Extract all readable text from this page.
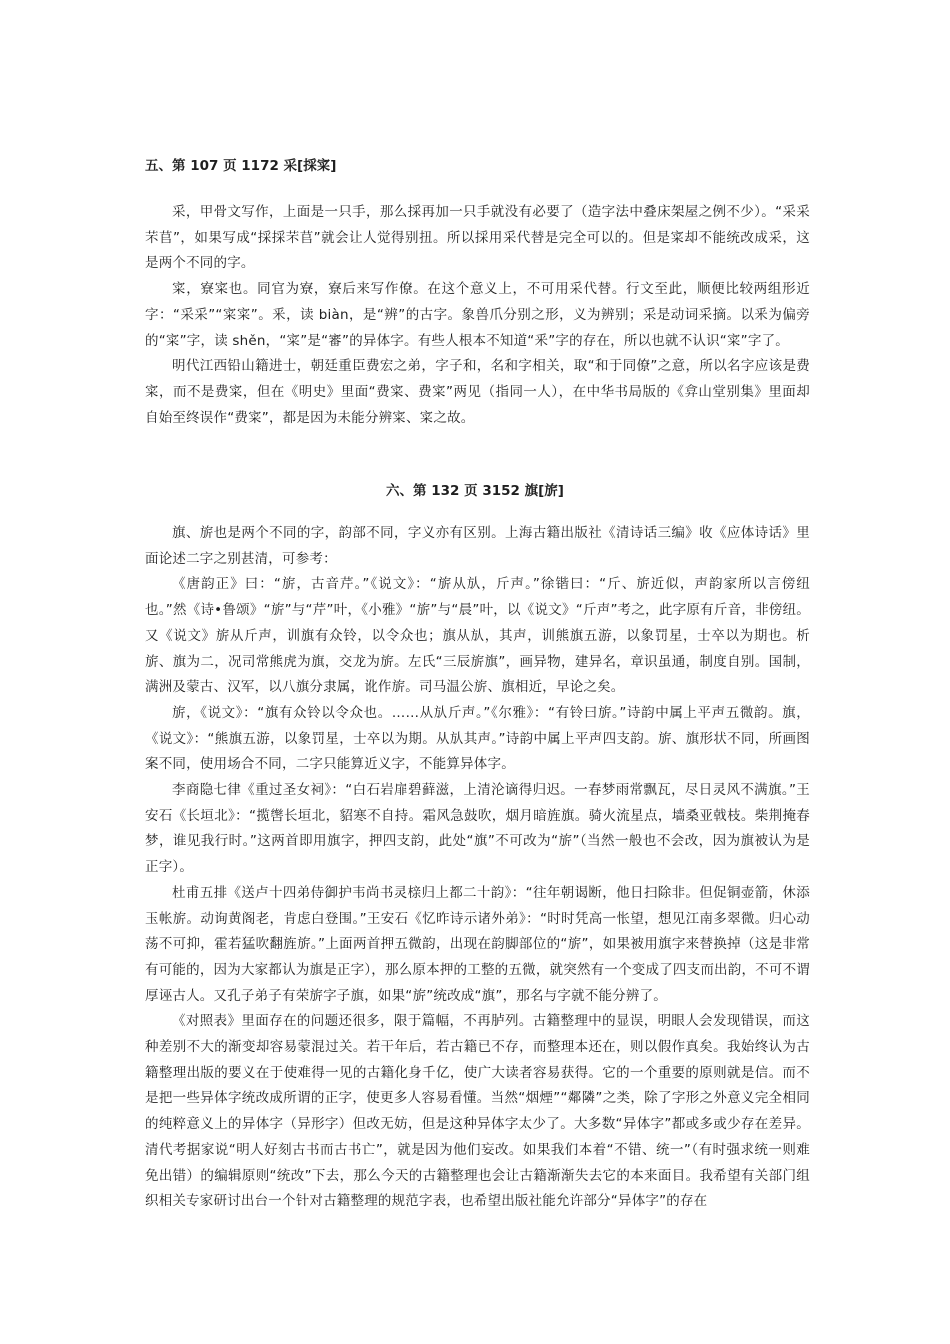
五、第 107 页 1172 采[採寀]

采，甲骨文写作，上面是一只手，那么採再加一只手就没有必要了（造字法中叠床架屋之例不少）。“采采芣苢”，如果写成“採採芣苢”就会让人觉得别扭。所以採用采代替是完全可以的。但是寀却不能统改成采，这是两个不同的字。

寀，寮寀也。同官为寮，寮后来写作僚。在这个意义上，不可用采代替。行文至此，顺便比较两组形近字：“采采”“寀寀”。釆，读 biàn，是“辨”的古字。象兽爪分别之形，义为辨别；采是动词采摘。以釆为偏旁的“寀”字，读 shěn，“寀”是“審”的异体字。有些人根本不知道“釆”字的存在，所以也就不认识“寀”字了。

明代江西铅山籍进士，朝廷重臣费宏之弟，字子和，名和字相关，取“和于同僚”之意，所以名字应该是费寀，而不是费寀，但在《明史》里面“费寀、费寀”两见（指同一人），在中华书局版的《弇山堂别集》里面却自始至终误作“费寀”，都是因为未能分辨寀、寀之故。

六、第 132 页 3152 旗[旂]

旗、旂也是两个不同的字，韵部不同，字义亦有区别。上海古籍出版社《清诗话三编》收《应体诗话》里面论述二字之别甚清，可参考：

《唐韵正》曰：“旂，古音芹。”《说文》：“旂从㫃，斤声。”徐锴曰：“斤、旂近似，声韵家所以言傍纽也。”然《诗•鲁颂》“旂”与“芹”叶，《小雅》“旂”与“晨”叶，以《说文》“斤声”考之，此字原有斤音，非傍纽。又《说文》旂从斤声，训旗有众铃，以令众也；旗从㫃，其声，训熊旗五游，以象罚星，士卒以为期也。析旂、旗为二，况司常熊虎为旗，交龙为旂。左氏“三辰旂旗”，画异物，建异名，章识虽通，制度自别。国制，满洲及蒙古、汉军，以八旗分隶属，讹作旂。司马温公旂、旗相近，早论之矣。

旂，《说文》：“旗有众铃以令众也。……从㫃斤声。”《尔雅》：“有铃曰旂。”诗韵中属上平声五微韵。旗，《说文》：“熊旗五游，以象罚星，士卒以为期。从㫃其声。”诗韵中属上平声四支韵。旂、旗形状不同，所画图案不同，使用场合不同，二字只能算近义字，不能算异体字。

李商隐七律《重过圣女祠》：“白石岩扉碧藓滋，上清沦谪得归迟。一春梦雨常飘瓦，尽日灵风不满旗。”王安石《长垣北》：“揽辔长垣北，貂寒不自持。霜风急鼓吹，烟月暗旌旗。骑火流星点，墙桑亚戟枝。柴荆掩春梦，谁见我行时。”这两首即用旗字，押四支韵，此处“旗”不可改为“旂”（当然一般也不会改，因为旗被认为是正字）。

杜甫五排《送卢十四弟侍御护韦尚书灵榇归上都二十韵》：“往年朝谒断，他日扫除非。但促铜壶箭，休添玉帐旂。动询黄阁老，肯虑白登围。”王安石《忆昨诗示诸外弟》：“时时凭高一怅望，想见江南多翠微。归心动荡不可抑，霍若猛吹翻旌旂。”上面两首押五微韵，出现在韵脚部位的“旂”，如果被用旗字来替换掉（这是非常有可能的，因为大家都认为旗是正字），那么原本押的工整的五微，就突然有一个变成了四支而出韵，不可不谓厚诬古人。又孔子弟子有荣旂字子旗，如果“旂”统改成“旗”，那名与字就不能分辨了。

《对照表》里面存在的问题还很多，限于篇幅，不再胪列。古籍整理中的显误，明眼人会发现错误，而这种差别不大的渐变却容易蒙混过关。若干年后，若古籍已不存，而整理本还在，则以假作真矣。我始终认为古籍整理出版的要义在于使难得一见的古籍化身千亿，使广大读者容易获得。它的一个重要的原则就是信。而不是把一些异体字统改成所谓的正字，使更多人容易看懂。当然“烟煙”“鄰隣”之类，除了字形之外意义完全相同的纯粹意义上的异体字（异形字）但改无妨，但是这种异体字太少了。大多数“异体字”都或多或少存在差异。清代考据家说“明人好刻古书而古书亡”，就是因为他们妄改。如果我们本着“不错、统一”（有时强求统一则难免出错）的编辑原则“统改”下去，那么今天的古籍整理也会让古籍渐渐失去它的本来面目。我希望有关部门组织相关专家研讨出台一个针对古籍整理的规范字表，也希望出版社能允许部分“异体字”的存在
